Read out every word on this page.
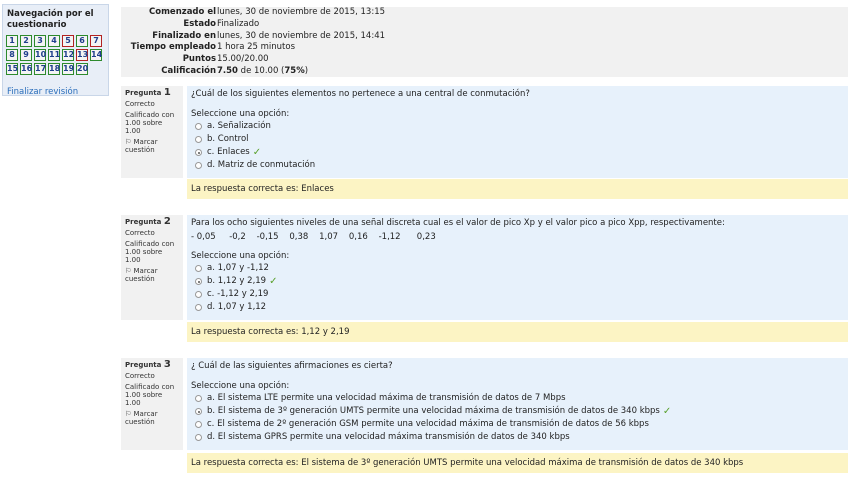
Navegación por el cuestionario
1	2	3	4	5	6	7
8	9 10 11 12 13 14
15 16 17 18 19 20
Finalizar revisión
Comenzado el lunes, 30 de noviembre de 2015, 13:15
Estado Finalizado
Finalizado en lunes, 30 de noviembre de 2015, 14:41
Tiempo empleado 1 hora 25 minutos
Puntos 15.00/20.00
Calificación 7.50 de 10.00 (75%)
Pregunta 1
Correcto
Calificado con
1.00 sobre 1.00
⚐ Marcar
cuestión
¿Cuál de los siguientes elementos no pertenece a una central de conmutación?
Seleccione una opción:
a. Señalización
b. Control
c. Enlaces ✓
d. Matriz de conmutación
La respuesta correcta es: Enlaces
Pregunta 2
Correcto
Calificado con
1.00 sobre 1.00
⚐ Marcar
cuestión
Para los ocho siguientes niveles de una señal discreta cual es el valor de pico Xp y el valor pico a pico Xpp, respectivamente:
- 0,05     -0,2    -0,15    0,38    1,07    0,16    -1,12      0,23
Seleccione una opción:
a. 1,07 y -1,12
b. 1,12 y 2,19 ✓
c. -1,12 y 2,19
d. 1,07 y 1,12
La respuesta correcta es: 1,12 y 2,19
Pregunta 3
Correcto
Calificado con
1.00 sobre 1.00
⚐ Marcar
cuestión
¿ Cuál de las siguientes afirmaciones es cierta?
Seleccione una opción:
a. El sistema LTE permite una velocidad máxima de transmisión de datos de 7 Mbps
b. El sistema de 3º generación UMTS permite una velocidad máxima de transmisión de datos de 340 kbps ✓
c. El sistema de 2º generación GSM permite una velocidad máxima de transmisión de datos de 56 kbps
d. El sistema GPRS permite una velocidad máxima transmisión de datos de 340 kbps
La respuesta correcta es: El sistema de 3º generación UMTS permite una velocidad máxima de transmisión de datos de 340 kbps
